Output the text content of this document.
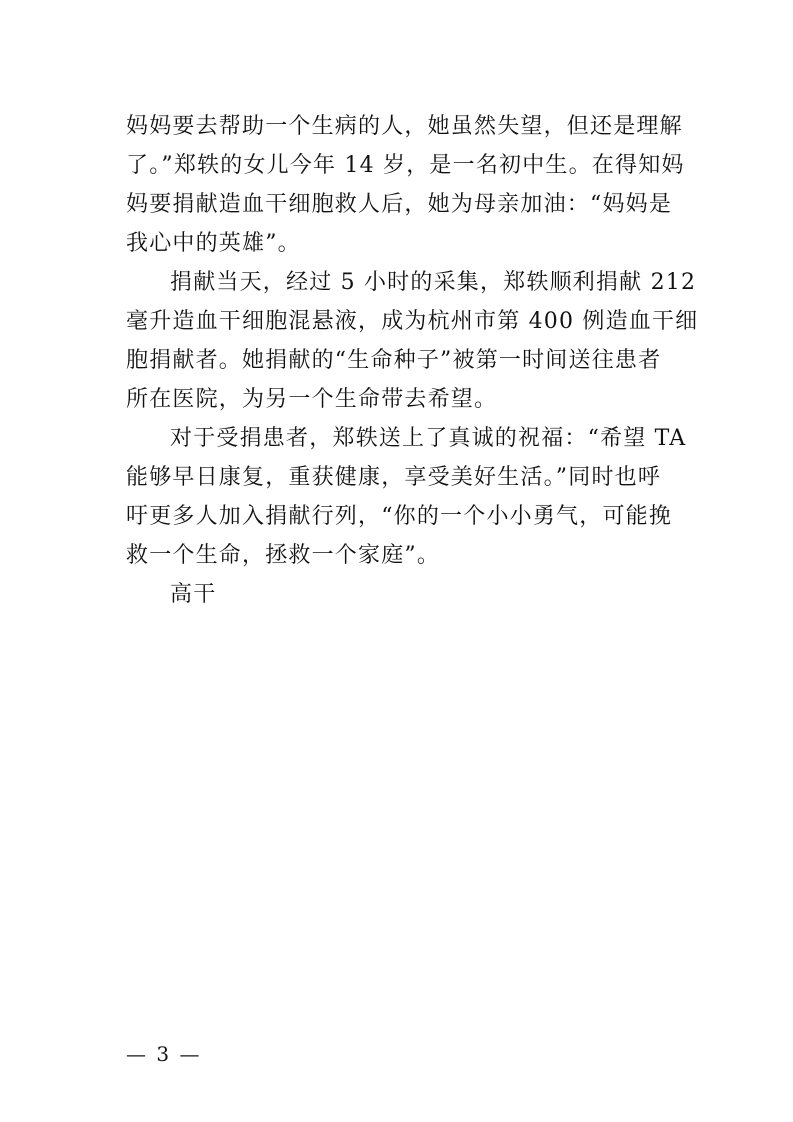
妈妈要去帮助一个生病的人，她虽然失望，但还是理解
了。”郑轶的女儿今年 14 岁，是一名初中生。在得知妈
妈要捐献造血干细胞救人后，她为母亲加油：“妈妈是
我心中的英雄”。
捐献当天，经过 5 小时的采集，郑轶顺利捐献 212
毫升造血干细胞混悬液，成为杭州市第 400 例造血干细
胞捐献者。她捐献的“生命种子”被第一时间送往患者
所在医院，为另一个生命带去希望。
对于受捐患者，郑轶送上了真诚的祝福：“希望 TA
能够早日康复，重获健康，享受美好生活。”同时也呼
吁更多人加入捐献行列，“你的一个小小勇气，可能挽
救一个生命，拯救一个家庭”。
高干
— 3 —
